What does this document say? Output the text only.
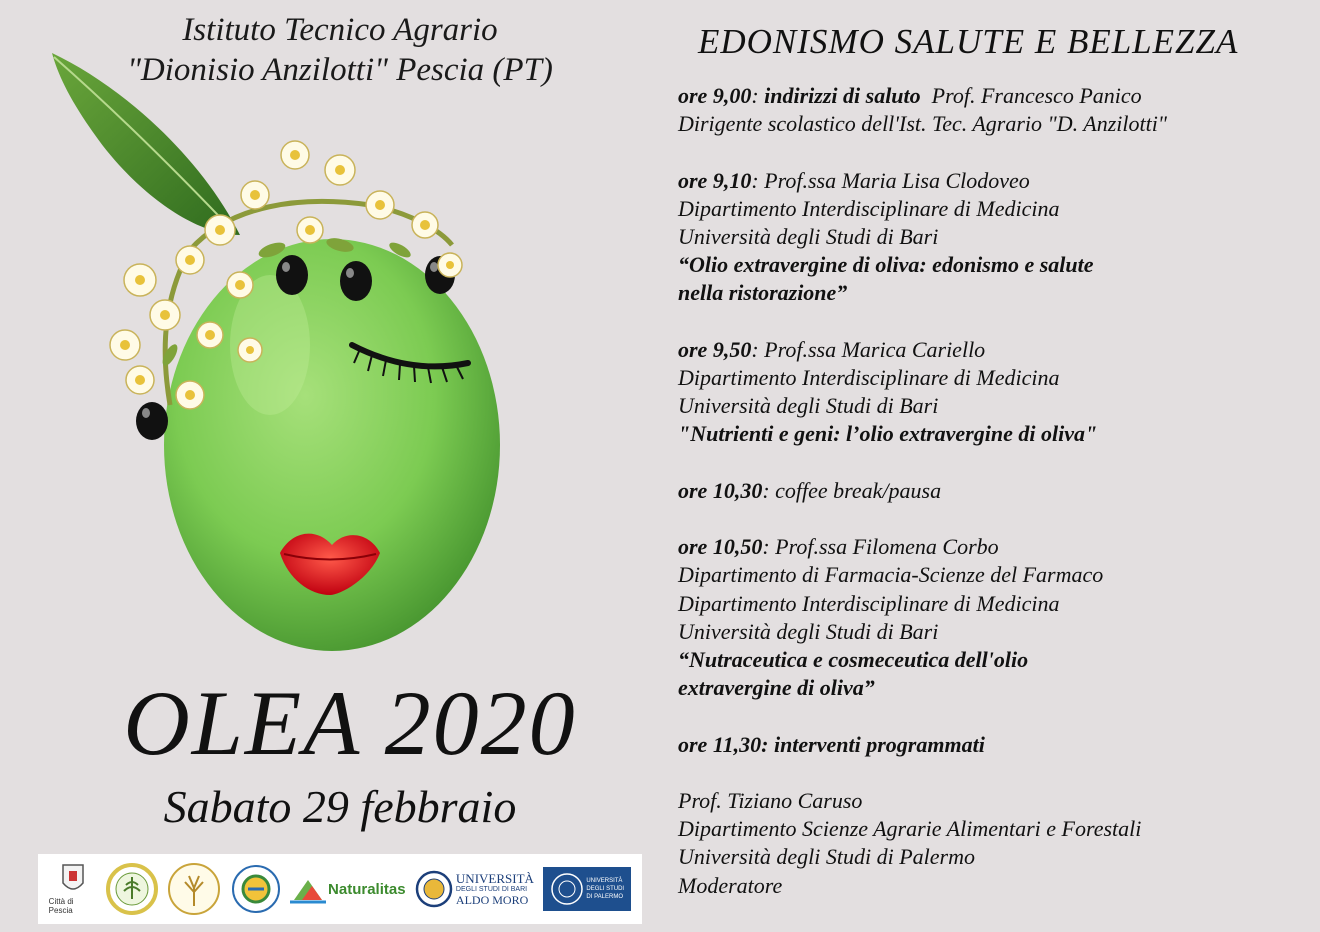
Istituto Tecnico Agrario
"Dionisio Anzilotti" Pescia (PT)
OLEA 2020
Sabato 29 febbraio
Città di Pescia
Naturalitas
UNIVERSITÀ
DEGLI STUDI DI BARI
ALDO MORO
UNIVERSITÀ
DEGLI STUDI
DI PALERMO
EDONISMO SALUTE E BELLEZZA
ore 9,00: indirizzi di saluto  Prof. Francesco Panico
Dirigente scolastico dell'Ist. Tec. Agrario "D. Anzilotti"
ore 9,10: Prof.ssa Maria Lisa Clodoveo
Dipartimento Interdisciplinare di Medicina
Università degli Studi di Bari
“Olio extravergine di oliva: edonismo e salute
nella ristorazione”
ore 9,50: Prof.ssa Marica Cariello
Dipartimento Interdisciplinare di Medicina
Università degli Studi di Bari
"Nutrienti e geni: l’olio extravergine di oliva"
ore 10,30: coffee break/pausa
ore 10,50: Prof.ssa Filomena Corbo
Dipartimento di Farmacia-Scienze del Farmaco
Dipartimento Interdisciplinare di Medicina
Università degli Studi di Bari
“Nutraceutica e cosmeceutica dell'olio
extravergine di oliva”
ore 11,30: interventi programmati
Prof. Tiziano Caruso
Dipartimento Scienze Agrarie Alimentari e Forestali
Università degli Studi di Palermo
Moderatore
